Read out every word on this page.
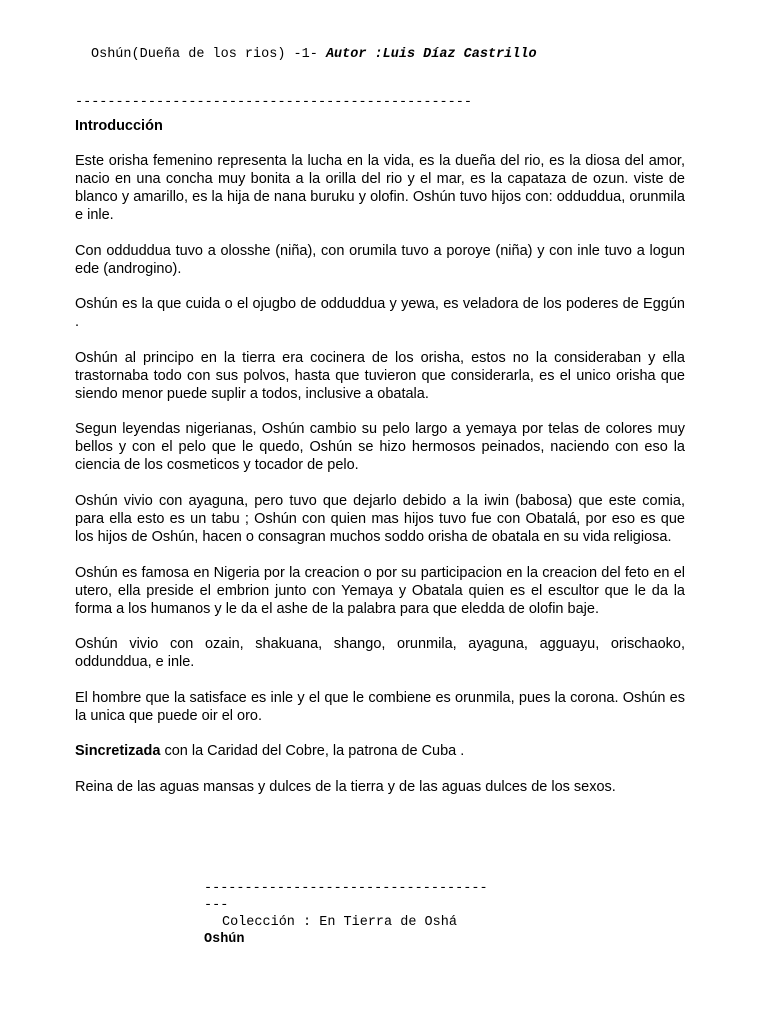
Oshún(Dueña de los rios) -1- Autor :Luis Díaz Castrillo
-------------------------------------------------
Introducción

Este orisha femenino representa la lucha en la vida, es la dueña del rio, es la diosa del amor, nacio en una concha muy bonita a la orilla del rio y el mar, es la capataza de ozun. viste de blanco y amarillo, es la hija de nana buruku y olofin. Oshún tuvo hijos con: odduddua, orunmila e inle.

Con odduddua tuvo a olosshe (niña), con orumila tuvo a poroye (niña) y con inle tuvo a logun ede (androgino).

Oshún es la que cuida o el ojugbo de odduddua y yewa, es veladora de los poderes de Eggún .

Oshún al principo en la tierra era cocinera de los orisha, estos no la consideraban y ella trastornaba todo con sus polvos, hasta que tuvieron que considerarla, es el unico orisha que siendo menor puede suplir a todos, inclusive a obatala.

Segun leyendas nigerianas, Oshún cambio su pelo largo a yemaya por telas de colores muy bellos y con el pelo que le quedo, Oshún se hizo hermosos peinados, naciendo con eso la ciencia de los cosmeticos y tocador de pelo.

Oshún vivio con ayaguna, pero tuvo que dejarlo debido a la iwin (babosa) que este comia, para ella esto es un tabu ; Oshún con quien mas hijos tuvo fue con Obatalá, por eso es que los hijos de Oshún, hacen o consagran muchos soddo orisha de obatala en su vida religiosa.

Oshún es famosa en Nigeria por la creacion o por su participacion en la creacion del feto en el utero, ella preside el embrion junto con Yemaya y Obatala quien es el escultor que le da la forma a los humanos y le da el ashe de la palabra para que eledda de olofin baje.

Oshún vivio con ozain, shakuana, shango, orunmila, ayaguna, agguayu, orischaoko, oddunddua, e inle.

El hombre que la satisface es inle y el que le combiene es orunmila, pues la corona. Oshún es la unica que puede oir el oro.

Sincretizada con la Caridad del Cobre, la patrona de Cuba .

Reina de las aguas mansas y dulces de la tierra y de las aguas dulces de los sexos.

-----------------------------------
---
Colección : En Tierra de Oshá
Oshún
